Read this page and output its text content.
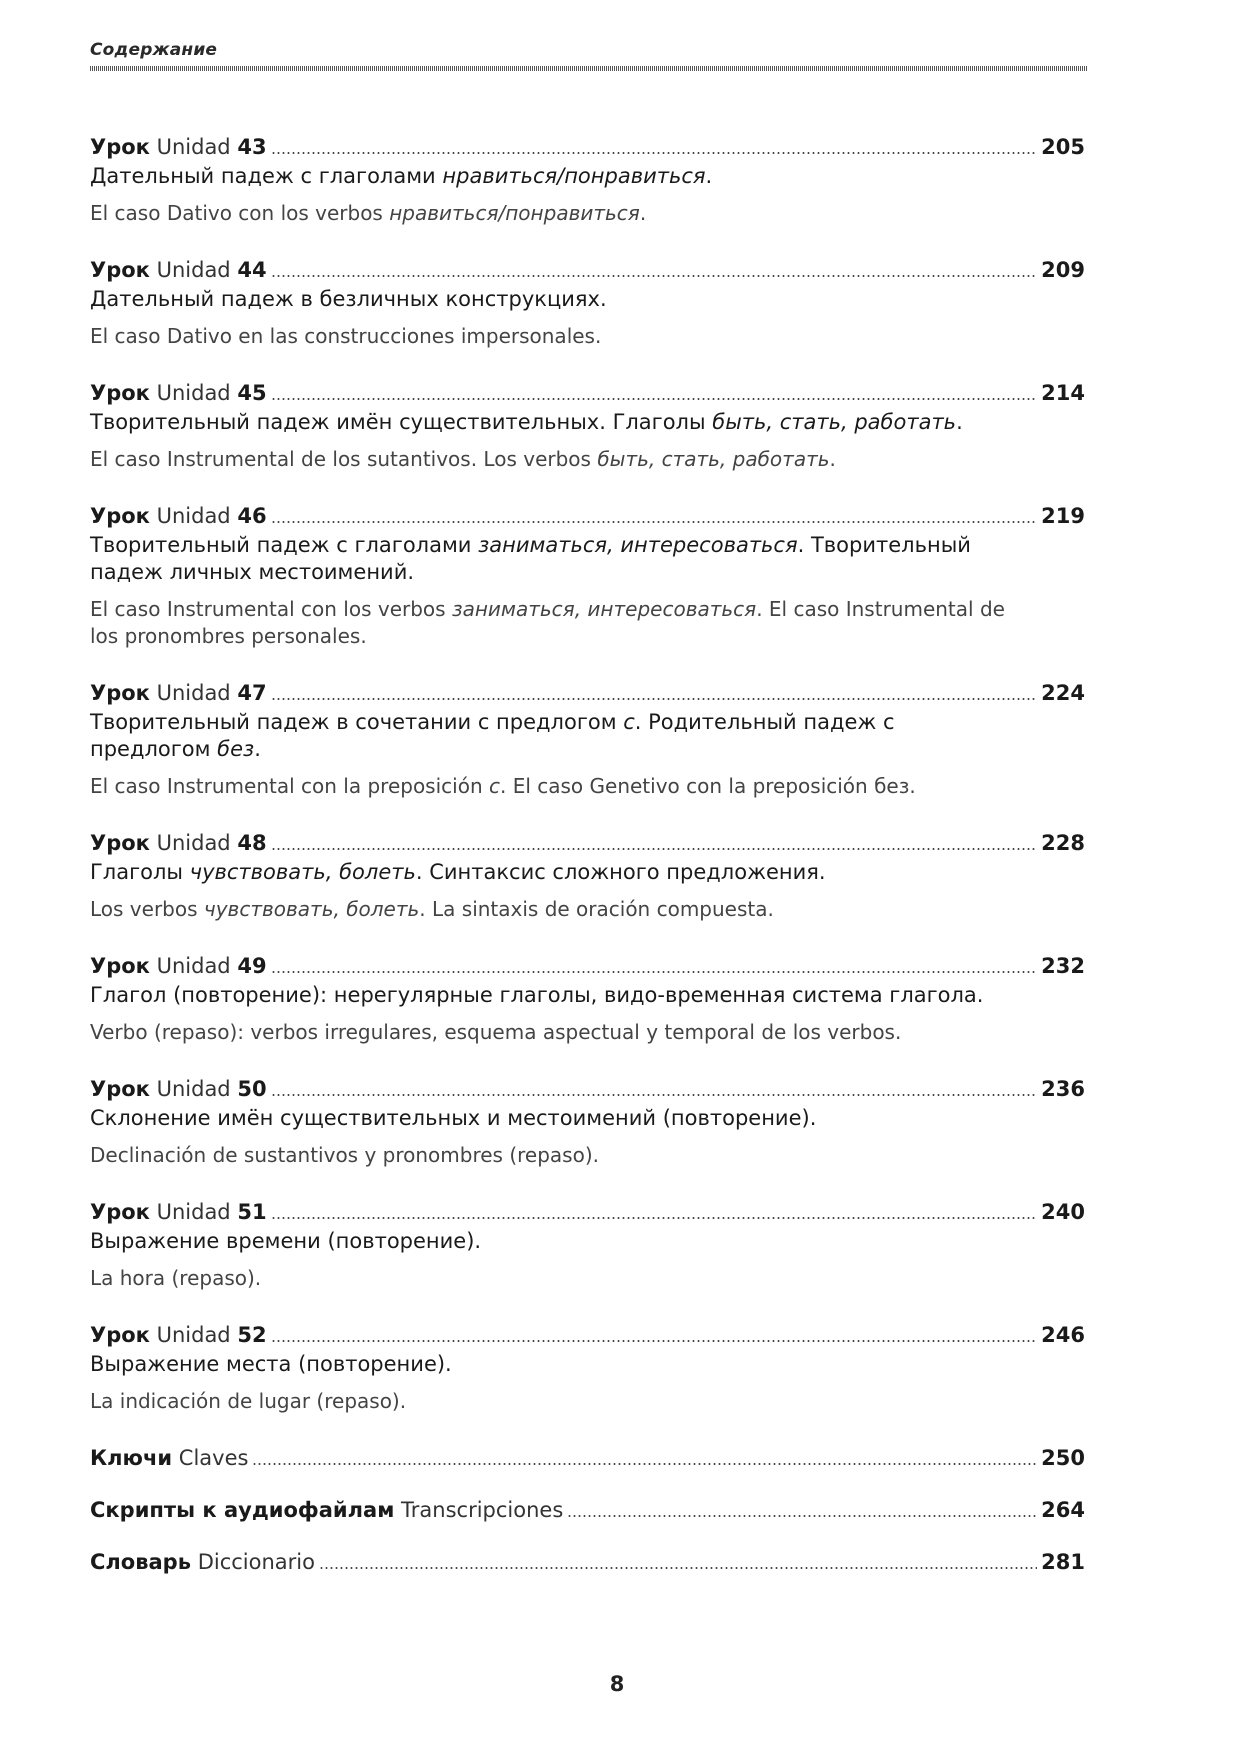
Содержание
Урок Unidad 43	205
Дательный падеж с глаголами нравиться/понравиться.
El caso Dativo con los verbos нравиться/понравиться.
Урок Unidad 44	209
Дательный падеж в безличных конструкциях.
El caso Dativo en las construcciones impersonales.
Урок Unidad 45	214
Творительный падеж имён существительных. Глаголы быть, стать, работать.
El caso Instrumental de los sutantivos. Los verbos быть, стать, работать.
Урок Unidad 46	219
Творительный падеж с глаголами заниматься, интересоваться. Творительный падеж личных местоимений.
El caso Instrumental con los verbos заниматься, интересоваться. El caso Instrumental de los pronombres personales.
Урок Unidad 47	224
Творительный падеж в сочетании с предлогом с. Родительный падеж с предлогом без.
El caso Instrumental con la preposición с. El caso Genetivo con la preposición без.
Урок Unidad 48	228
Глаголы чувствовать, болеть. Синтаксис сложного предложения.
Los verbos чувствовать, болеть. La sintaxis de oración compuesta.
Урок Unidad 49	232
Глагол (повторение): нерегулярные глаголы, видо-временная система глагола.
Verbo (repaso): verbos irregulares, esquema aspectual y temporal de los verbos.
Урок Unidad 50	236
Склонение имён существительных и местоимений (повторение).
Declinación de sustantivos y pronombres (repaso).
Урок Unidad 51	240
Выражение времени (повторение).
La hora (repaso).
Урок Unidad 52	246
Выражение места (повторение).
La indicación de lugar (repaso).
Ключи Claves	250
Скрипты к аудиофайлам Transcripciones	264
Словарь Diccionario	281
8
